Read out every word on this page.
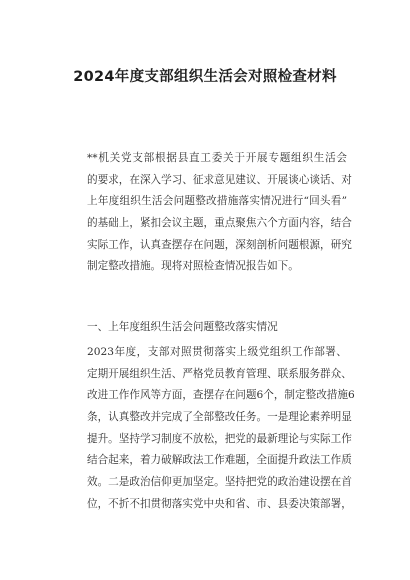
2024年度支部组织生活会对照检查材料
**机关党支部根据县直工委关于开展专题组织生活会
的要求，在深入学习、征求意见建议、开展谈心谈话、对
上年度组织生活会问题整改措施落实情况进行“回头看”
的基础上，紧扣会议主题，重点聚焦六个方面内容，结合
实际工作，认真查摆存在问题，深刻剖析问题根源，研究
制定整改措施。现将对照检查情况报告如下。
一、上年度组织生活会问题整改落实情况
2023年度，支部对照贯彻落实上级党组织工作部署、
定期开展组织生活、严格党员教育管理、联系服务群众、
改进工作作风等方面，查摆存在问题6个，制定整改措施6
条，认真整改并完成了全部整改任务。一是理论素养明显
提升。坚持学习制度不放松，把党的最新理论与实际工作
结合起来，着力破解政法工作难题，全面提升政法工作质
效。二是政治信仰更加坚定。坚持把党的政治建设摆在首
位，不折不扣贯彻落实党中央和省、市、县委决策部署，
